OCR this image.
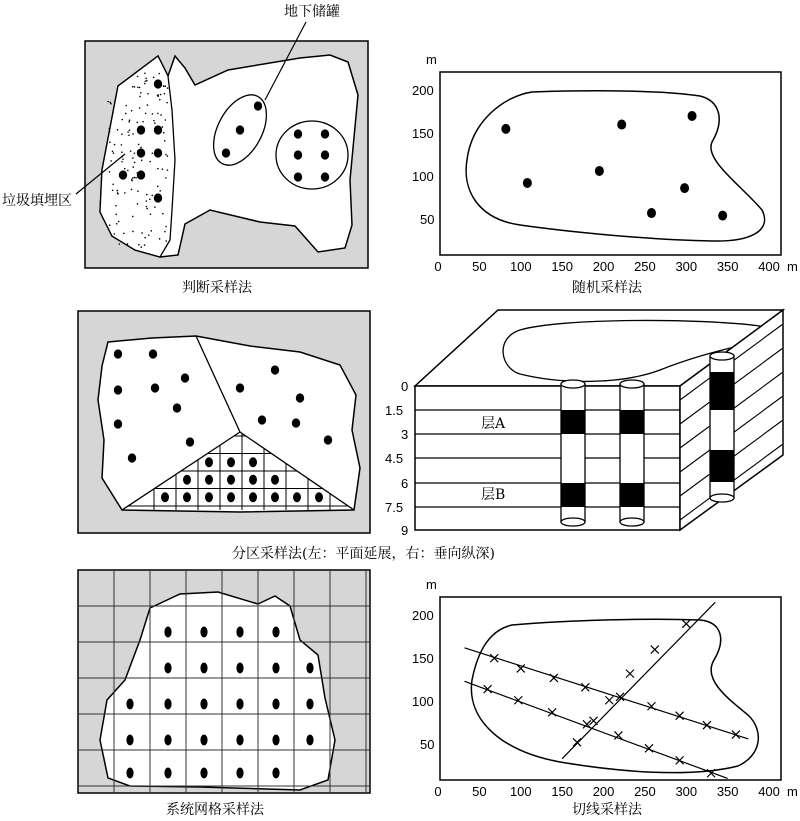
地下储罐
垃圾填埋区
判断采样法
0 50 100 150 200 250 300 350 400
200
150
100
50
m
m
随机采样法
分区采样法(左：平面延展，右：垂向纵深)
0
1.5
3
4.5
6
7.5
9
层A
层B
系统网格采样法
0 50 100 150 200 250 300 350 400
200
150
100
50
m
m
切线采样法
